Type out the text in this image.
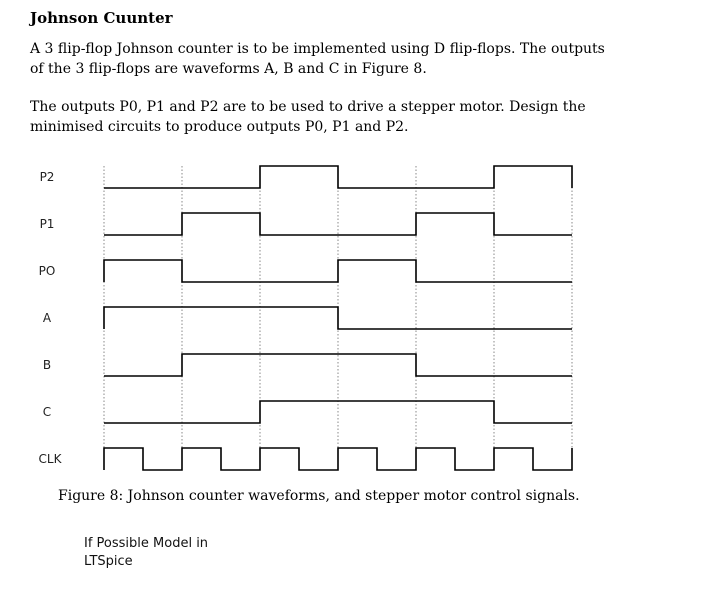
Johnson Cuunter
A 3 flip-flop Johnson counter is to be implemented using D flip-flops. The outputs of the 3 flip-flops are waveforms A, B and C in Figure 8.
The outputs P0, P1 and P2 are to be used to drive a stepper motor. Design the minimised circuits to produce outputs P0, P1 and P2.
P2
P1
PO
A
B
C
CLK
Figure 8: Johnson counter waveforms, and stepper motor control signals.
If Possible Model in
LTSpice
